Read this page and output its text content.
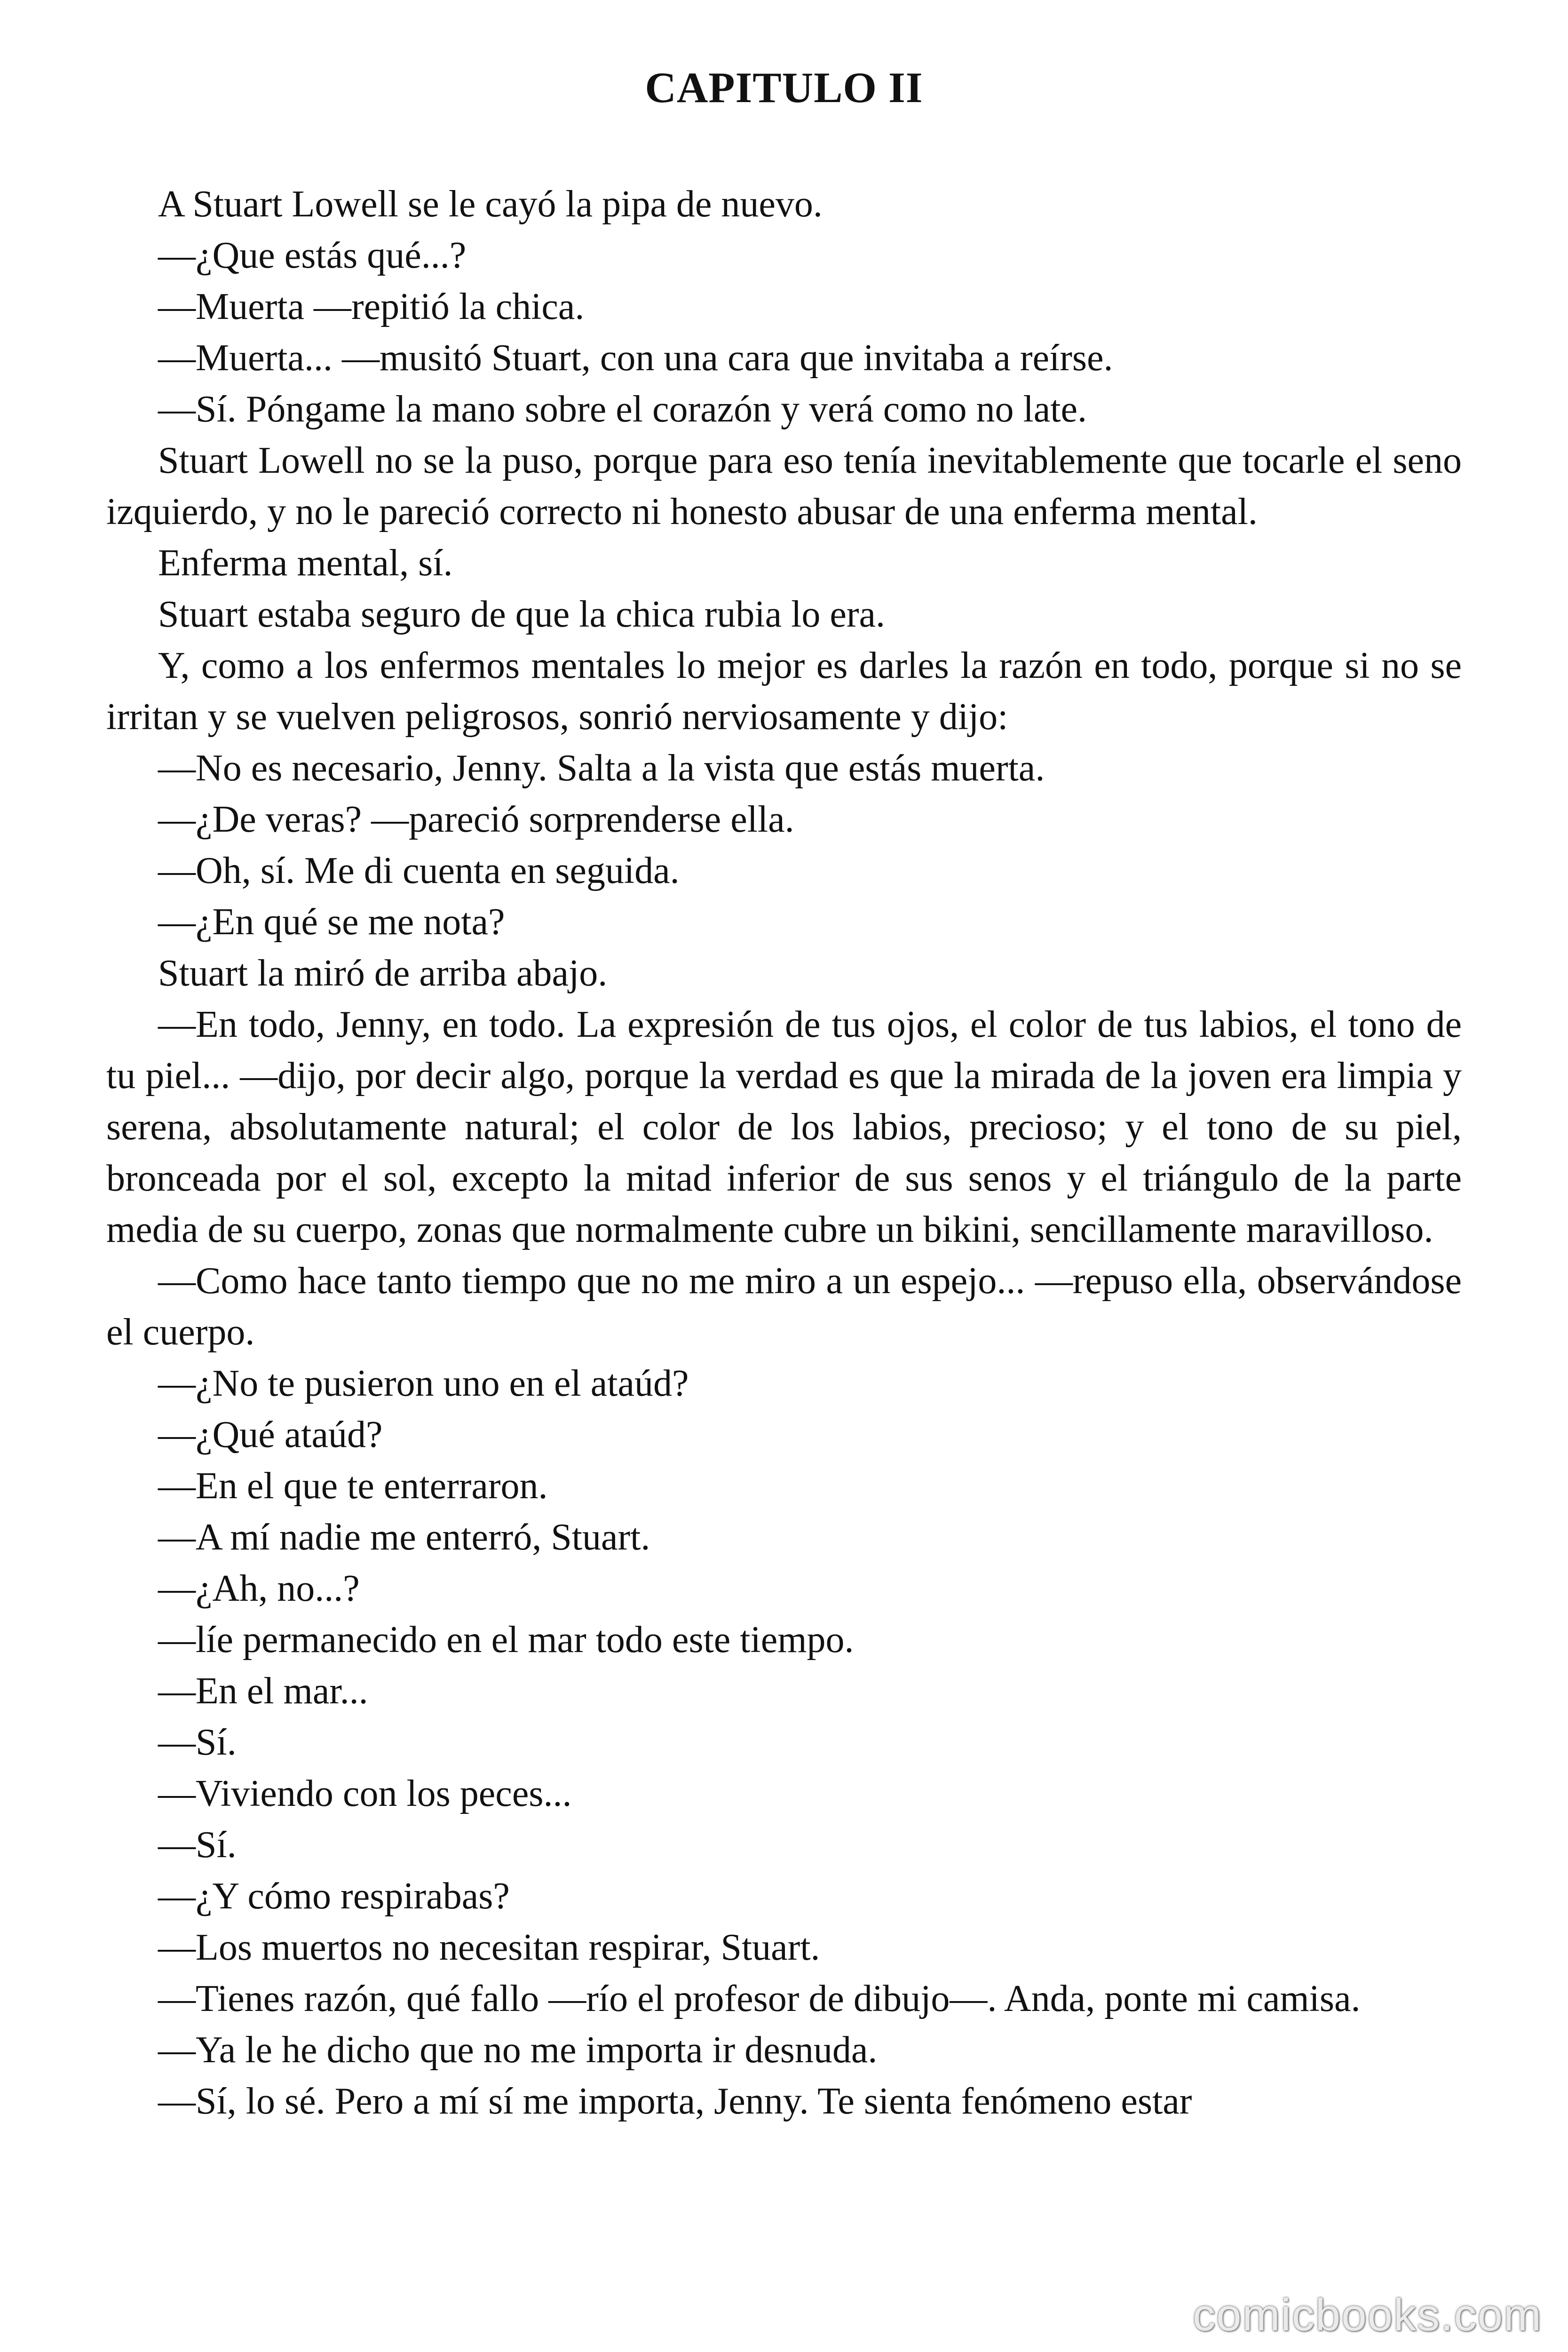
CAPITULO II

A Stuart Lowell se le cayó la pipa de nuevo.

—¿Que estás qué...?

—Muerta —repitió la chica.

—Muerta... —musitó Stuart, con una cara que invitaba a reírse.

—Sí. Póngame la mano sobre el corazón y verá como no late.

Stuart Lowell no se la puso, porque para eso tenía inevitablemente que tocarle el seno izquierdo, y no le pareció correcto ni honesto abusar de una enferma mental.

Enferma mental, sí.

Stuart estaba seguro de que la chica rubia lo era.

Y, como a los enfermos mentales lo mejor es darles la razón en todo, porque si no se irritan y se vuelven peligrosos, sonrió nerviosamente y dijo:

—No es necesario, Jenny. Salta a la vista que estás muerta.

—¿De veras? —pareció sorprenderse ella.

—Oh, sí. Me di cuenta en seguida.

—¿En qué se me nota?

Stuart la miró de arriba abajo.

—En todo, Jenny, en todo. La expresión de tus ojos, el color de tus labios, el tono de tu piel... —dijo, por decir algo, porque la verdad es que la mirada de la joven era limpia y serena, absolutamente natural; el color de los labios, precioso; y el tono de su piel, bronceada por el sol, excepto la mitad inferior de sus senos y el triángulo de la parte media de su cuerpo, zonas que normalmente cubre un bikini, sencillamente maravilloso.

—Como hace tanto tiempo que no me miro a un espejo... —repuso ella, observándose el cuerpo.

—¿No te pusieron uno en el ataúd?

—¿Qué ataúd?

—En el que te enterraron.

—A mí nadie me enterró, Stuart.

—¿Ah, no...?

—líe permanecido en el mar todo este tiempo.

—En el mar...

—Sí.

—Viviendo con los peces...

—Sí.

—¿Y cómo respirabas?

—Los muertos no necesitan respirar, Stuart.

—Tienes razón, qué fallo —río el profesor de dibujo—. Anda, ponte mi camisa.

—Ya le he dicho que no me importa ir desnuda.

—Sí, lo sé. Pero a mí sí me importa, Jenny. Te sienta fenómeno estar

comicbooks.com
